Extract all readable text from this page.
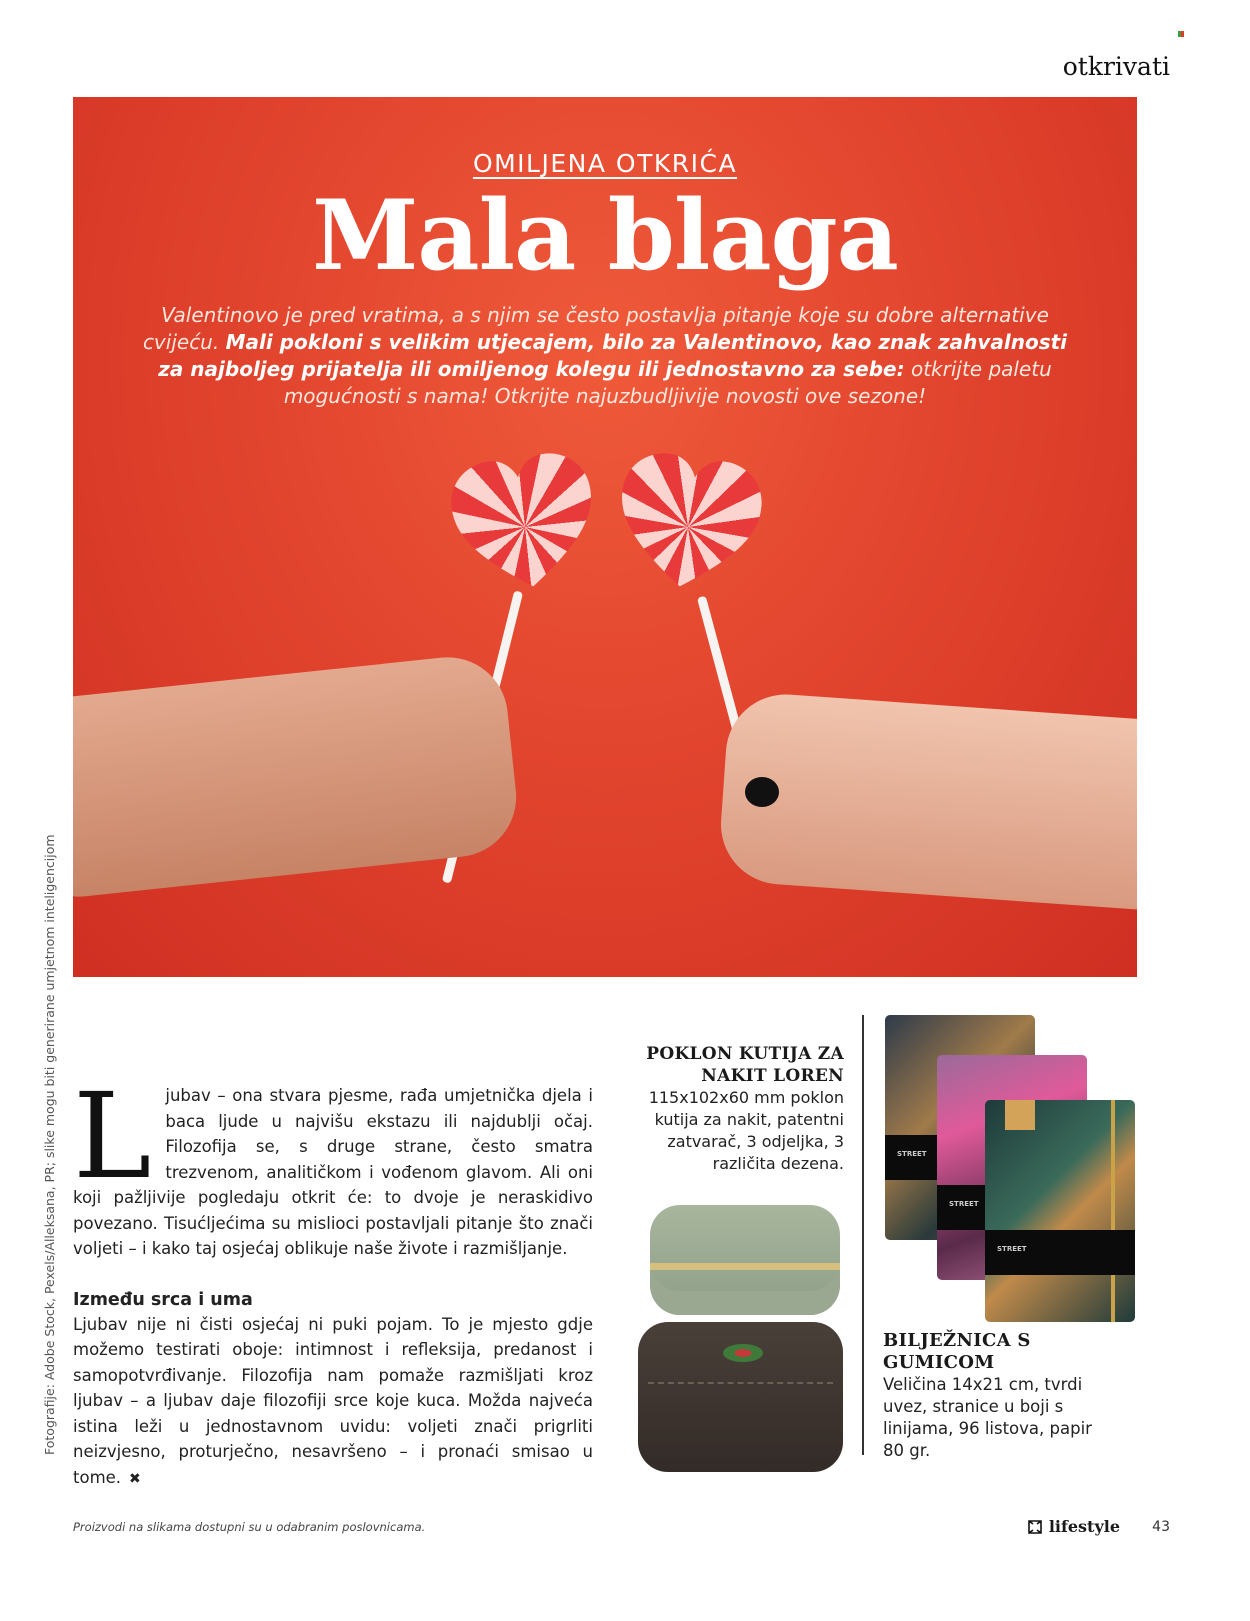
otkrivati
OMILJENA OTKRIĆA
Mala blaga
Valentinovo je pred vratima, a s njim se često postavlja pitanje koje su dobre alternative cvijeću. Mali pokloni s velikim utjecajem, bilo za Valentinovo, kao znak zahvalnosti za najboljeg prijatelja ili omiljenog kolegu ili jednostavno za sebe: otkrijte paletu mogućnosti s nama! Otkrijte najuzbudljivije novosti ove sezone!
Fotografije: Adobe Stock, Pexels/Alleksana, PR; slike mogu biti generirane umjetnom inteligencijom L jubav – ona stvara pjesme, rađa umjetnička djela i baca ljude u najvišu ekstazu ili najdublji očaj. Filozofija se, s druge strane, često smatra trezvenom, analitičkom i vođenom glavom. Ali oni koji pažljivije pogledaju otkrit će: to dvoje je neraskidivo povezano. Tisućljećima su mislioci postavljali pitanje što znači voljeti – i kako taj osjećaj oblikuje naše živote i razmišljanje.

Između srca i uma

Ljubav nije ni čisti osjećaj ni puki pojam. To je mjesto gdje možemo testirati oboje: intimnost i refleksija, predanost i samopotvrđivanje. Filozofija nam pomaže razmišljati kroz ljubav – a ljubav daje filozofiji srce koje kuca. Možda najveća istina leži u jednostavnom uvidu: voljeti znači prigrliti neizvjesno, proturječno, nesavršeno – i pronaći smisao u tome. ✖

POKLON KUTIJA ZA NAKIT LOREN
115x102x60 mm poklon kutija za nakit, patentni zatvarač, 3 odjeljka, 3 različita dezena.	STREET
STREET
STREET
BILJEŽNICA S GUMICOM
Veličina 14x21 cm, tvrdi uvez, stranice u boji s linijama, 96 listova, papir 80 gr.
Proizvodi na slikama dostupni su u odabranim poslovnicama.	lifestyle 43
